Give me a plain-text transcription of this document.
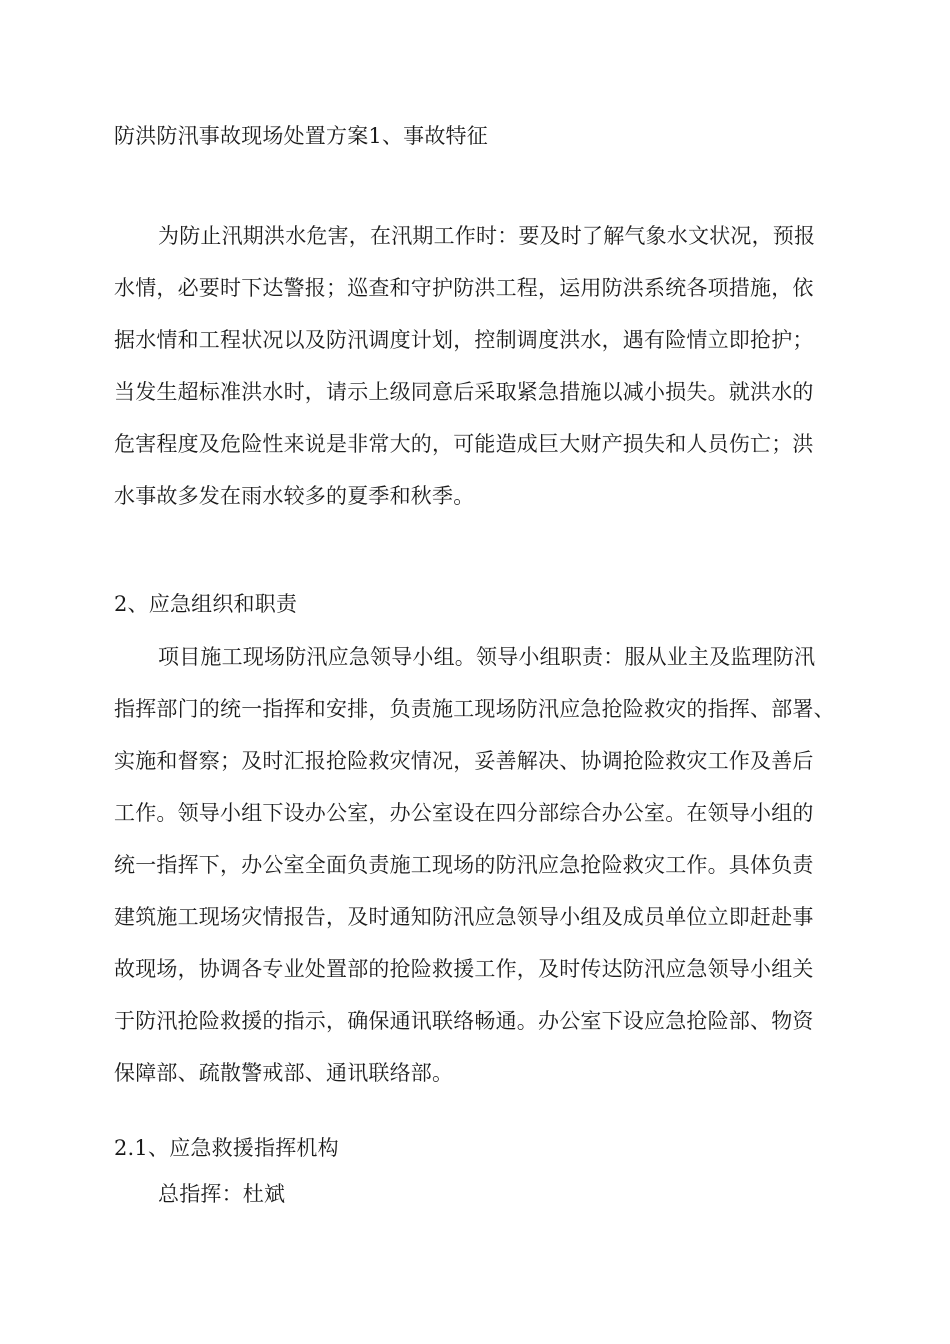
防洪防汛事故现场处置方案1、事故特征
为防止汛期洪水危害，在汛期工作时：要及时了解气象水文状况，预报
水情，必要时下达警报；巡查和守护防洪工程，运用防洪系统各项措施，依
据水情和工程状况以及防汛调度计划，控制调度洪水，遇有险情立即抢护；
当发生超标准洪水时，请示上级同意后采取紧急措施以减小损失。就洪水的
危害程度及危险性来说是非常大的，可能造成巨大财产损失和人员伤亡；洪
水事故多发在雨水较多的夏季和秋季。
2、应急组织和职责
项目施工现场防汛应急领导小组。领导小组职责：服从业主及监理防汛
指挥部门的统一指挥和安排，负责施工现场防汛应急抢险救灾的指挥、部署、
实施和督察；及时汇报抢险救灾情况，妥善解决、协调抢险救灾工作及善后
工作。领导小组下设办公室，办公室设在四分部综合办公室。在领导小组的
统一指挥下，办公室全面负责施工现场的防汛应急抢险救灾工作。具体负责
建筑施工现场灾情报告，及时通知防汛应急领导小组及成员单位立即赶赴事
故现场，协调各专业处置部的抢险救援工作，及时传达防汛应急领导小组关
于防汛抢险救援的指示，确保通讯联络畅通。办公室下设应急抢险部、物资
保障部、疏散警戒部、通讯联络部。
2.1、应急救援指挥机构
总指挥：杜斌
